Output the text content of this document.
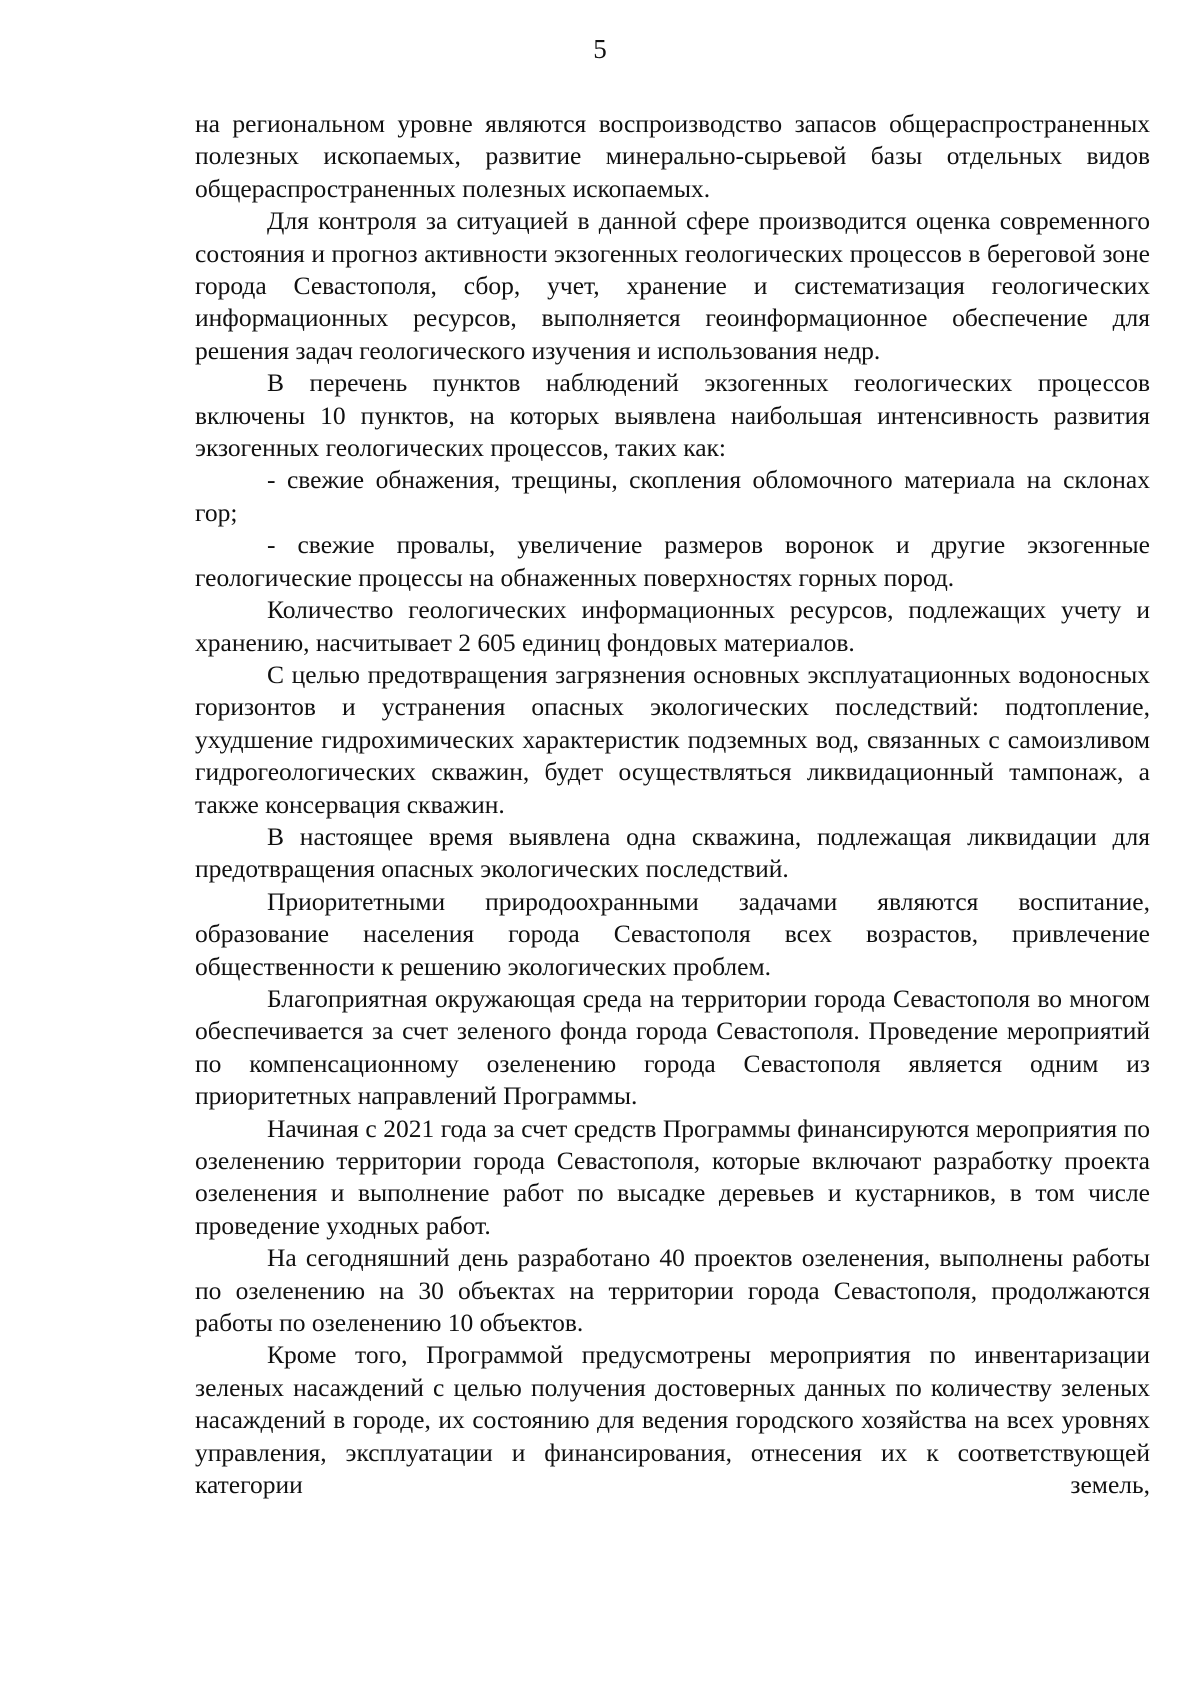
5

на региональном уровне являются воспроизводство запасов общераспространенных полезных ископаемых, развитие минерально-сырьевой базы отдельных видов общераспространенных полезных ископаемых.

Для контроля за ситуацией в данной сфере производится оценка современного состояния и прогноз активности экзогенных геологических процессов в береговой зоне города Севастополя, сбор, учет, хранение и систематизация геологических информационных ресурсов, выполняется геоинформационное обеспечение для решения задач геологического изучения и использования недр.

В перечень пунктов наблюдений экзогенных геологических процессов включены 10 пунктов, на которых выявлена наибольшая интенсивность развития экзогенных геологических процессов, таких как:

- свежие обнажения, трещины, скопления обломочного материала на склонах гор;

- свежие провалы, увеличение размеров воронок и другие экзогенные геологические процессы на обнаженных поверхностях горных пород.

Количество геологических информационных ресурсов, подлежащих учету и хранению, насчитывает 2 605 единиц фондовых материалов.

С целью предотвращения загрязнения основных эксплуатационных водоносных горизонтов и устранения опасных экологических последствий: подтопление, ухудшение гидрохимических характеристик подземных вод, связанных с самоизливом гидрогеологических скважин, будет осуществляться ликвидационный тампонаж, а также консервация скважин.

В настоящее время выявлена одна скважина, подлежащая ликвидации для предотвращения опасных экологических последствий.

Приоритетными природоохранными задачами являются воспитание, образование населения города Севастополя всех возрастов, привлечение общественности к решению экологических проблем.

Благоприятная окружающая среда на территории города Севастополя во многом обеспечивается за счет зеленого фонда города Севастополя. Проведение мероприятий по компенсационному озеленению города Севастополя является одним из приоритетных направлений Программы.

Начиная с 2021 года за счет средств Программы финансируются мероприятия по озеленению территории города Севастополя, которые включают разработку проекта озеленения и выполнение работ по высадке деревьев и кустарников, в том числе проведение уходных работ.

На сегодняшний день разработано 40 проектов озеленения, выполнены работы по озеленению на 30 объектах на территории города Севастополя, продолжаются работы по озеленению 10 объектов.

Кроме того, Программой предусмотрены мероприятия по инвентаризации зеленых насаждений с целью получения достоверных данных по количеству зеленых насаждений в городе, их состоянию для ведения городского хозяйства на всех уровнях управления, эксплуатации и финансирования, отнесения их к соответствующей категории земель,
